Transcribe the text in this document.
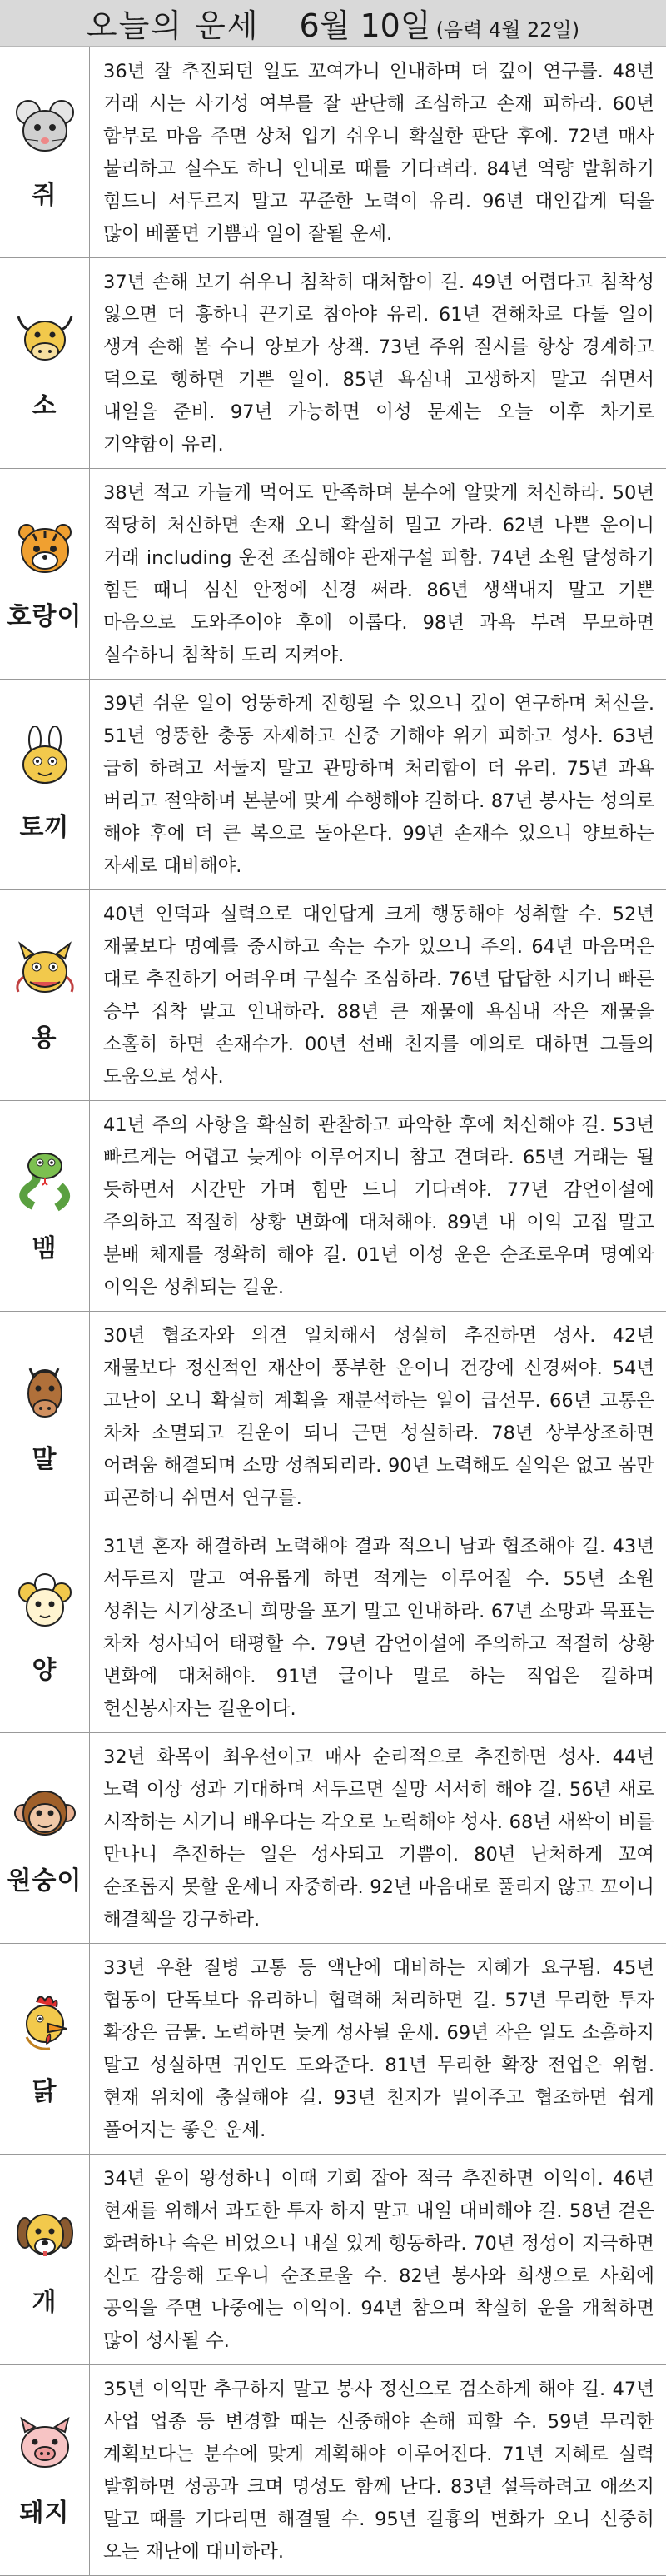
오늘의 운세 6월 10일 (음력 4월 22일)
쥐
36년 잘 추진되던 일도 꼬여가니 인내하며 더 깊이 연구를. 48년 거래 시는 사기성 여부를 잘 판단해 조심하고 손재 피하라. 60년 함부로 마음 주면 상처 입기 쉬우니 확실한 판단 후에. 72년 매사 불리하고 실수도 하니 인내로 때를 기다려라. 84년 역량 발휘하기 힘드니 서두르지 말고 꾸준한 노력이 유리. 96년 대인갑게 덕을 많이 베풀면 기쁨과 일이 잘될 운세.
소
37년 손해 보기 쉬우니 침착히 대처함이 길. 49년 어렵다고 침착성 잃으면 더 흉하니 끈기로 참아야 유리. 61년 견해차로 다툴 일이 생겨 손해 볼 수니 양보가 상책. 73년 주위 질시를 항상 경계하고 덕으로 행하면 기쁜 일이. 85년 욕심내 고생하지 말고 쉬면서 내일을 준비. 97년 가능하면 이성 문제는 오늘 이후 차기로 기약함이 유리.
호랑이
38년 적고 가늘게 먹어도 만족하며 분수에 알맞게 처신하라. 50년 적당히 처신하면 손재 오니 확실히 밀고 가라. 62년 나쁜 운이니 거래 including 운전 조심해야 관재구설 피함. 74년 소원 달성하기 힘든 때니 심신 안정에 신경 써라. 86년 생색내지 말고 기쁜 마음으로 도와주어야 후에 이롭다. 98년 과욕 부려 무모하면 실수하니 침착히 도리 지켜야.
토끼
39년 쉬운 일이 엉뚱하게 진행될 수 있으니 깊이 연구하며 처신을. 51년 엉뚱한 충동 자제하고 신중 기해야 위기 피하고 성사. 63년 급히 하려고 서둘지 말고 관망하며 처리함이 더 유리. 75년 과욕 버리고 절약하며 본분에 맞게 수행해야 길하다. 87년 봉사는 성의로 해야 후에 더 큰 복으로 돌아온다. 99년 손재수 있으니 양보하는 자세로 대비해야.
용
40년 인덕과 실력으로 대인답게 크게 행동해야 성취할 수. 52년 재물보다 명예를 중시하고 속는 수가 있으니 주의. 64년 마음먹은 대로 추진하기 어려우며 구설수 조심하라. 76년 답답한 시기니 빠른 승부 집착 말고 인내하라. 88년 큰 재물에 욕심내 작은 재물을 소홀히 하면 손재수가. 00년 선배 친지를 예의로 대하면 그들의 도움으로 성사.
뱀
41년 주의 사항을 확실히 관찰하고 파악한 후에 처신해야 길. 53년 빠르게는 어렵고 늦게야 이루어지니 참고 견뎌라. 65년 거래는 될 듯하면서 시간만 가며 힘만 드니 기다려야. 77년 감언이설에 주의하고 적절히 상황 변화에 대처해야. 89년 내 이익 고집 말고 분배 체제를 정확히 해야 길. 01년 이성 운은 순조로우며 명예와 이익은 성취되는 길운.
말
30년 협조자와 의견 일치해서 성실히 추진하면 성사. 42년 재물보다 정신적인 재산이 풍부한 운이니 건강에 신경써야. 54년 고난이 오니 확실히 계획을 재분석하는 일이 급선무. 66년 고통은 차차 소멸되고 길운이 되니 근면 성실하라. 78년 상부상조하면 어려움 해결되며 소망 성취되리라. 90년 노력해도 실익은 없고 몸만 피곤하니 쉬면서 연구를.
양
31년 혼자 해결하려 노력해야 결과 적으니 남과 협조해야 길. 43년 서두르지 말고 여유롭게 하면 적게는 이루어질 수. 55년 소원 성취는 시기상조니 희망을 포기 말고 인내하라. 67년 소망과 목표는 차차 성사되어 태평할 수. 79년 감언이설에 주의하고 적절히 상황 변화에 대처해야. 91년 글이나 말로 하는 직업은 길하며 헌신봉사자는 길운이다.
원숭이
32년 화목이 최우선이고 매사 순리적으로 추진하면 성사. 44년 노력 이상 성과 기대하며 서두르면 실망 서서히 해야 길. 56년 새로 시작하는 시기니 배우다는 각오로 노력해야 성사. 68년 새싹이 비를 만나니 추진하는 일은 성사되고 기쁨이. 80년 난처하게 꼬여 순조롭지 못할 운세니 자중하라. 92년 마음대로 풀리지 않고 꼬이니 해결책을 강구하라.
닭
33년 우환 질병 고통 등 액난에 대비하는 지혜가 요구됨. 45년 협동이 단독보다 유리하니 협력해 처리하면 길. 57년 무리한 투자 확장은 금물. 노력하면 늦게 성사될 운세. 69년 작은 일도 소홀하지 말고 성실하면 귀인도 도와준다. 81년 무리한 확장 전업은 위험. 현재 위치에 충실해야 길. 93년 친지가 밀어주고 협조하면 쉽게 풀어지는 좋은 운세.
개
34년 운이 왕성하니 이때 기회 잡아 적극 추진하면 이익이. 46년 현재를 위해서 과도한 투자 하지 말고 내일 대비해야 길. 58년 겉은 화려하나 속은 비었으니 내실 있게 행동하라. 70년 정성이 지극하면 신도 감응해 도우니 순조로울 수. 82년 봉사와 희생으로 사회에 공익을 주면 나중에는 이익이. 94년 참으며 착실히 운을 개척하면 많이 성사될 수.
돼지
35년 이익만 추구하지 말고 봉사 정신으로 검소하게 해야 길. 47년 사업 업종 등 변경할 때는 신중해야 손해 피할 수. 59년 무리한 계획보다는 분수에 맞게 계획해야 이루어진다. 71년 지혜로 실력 발휘하면 성공과 크며 명성도 함께 난다. 83년 설득하려고 애쓰지 말고 때를 기다리면 해결될 수. 95년 길흉의 변화가 오니 신중히 오는 재난에 대비하라.
